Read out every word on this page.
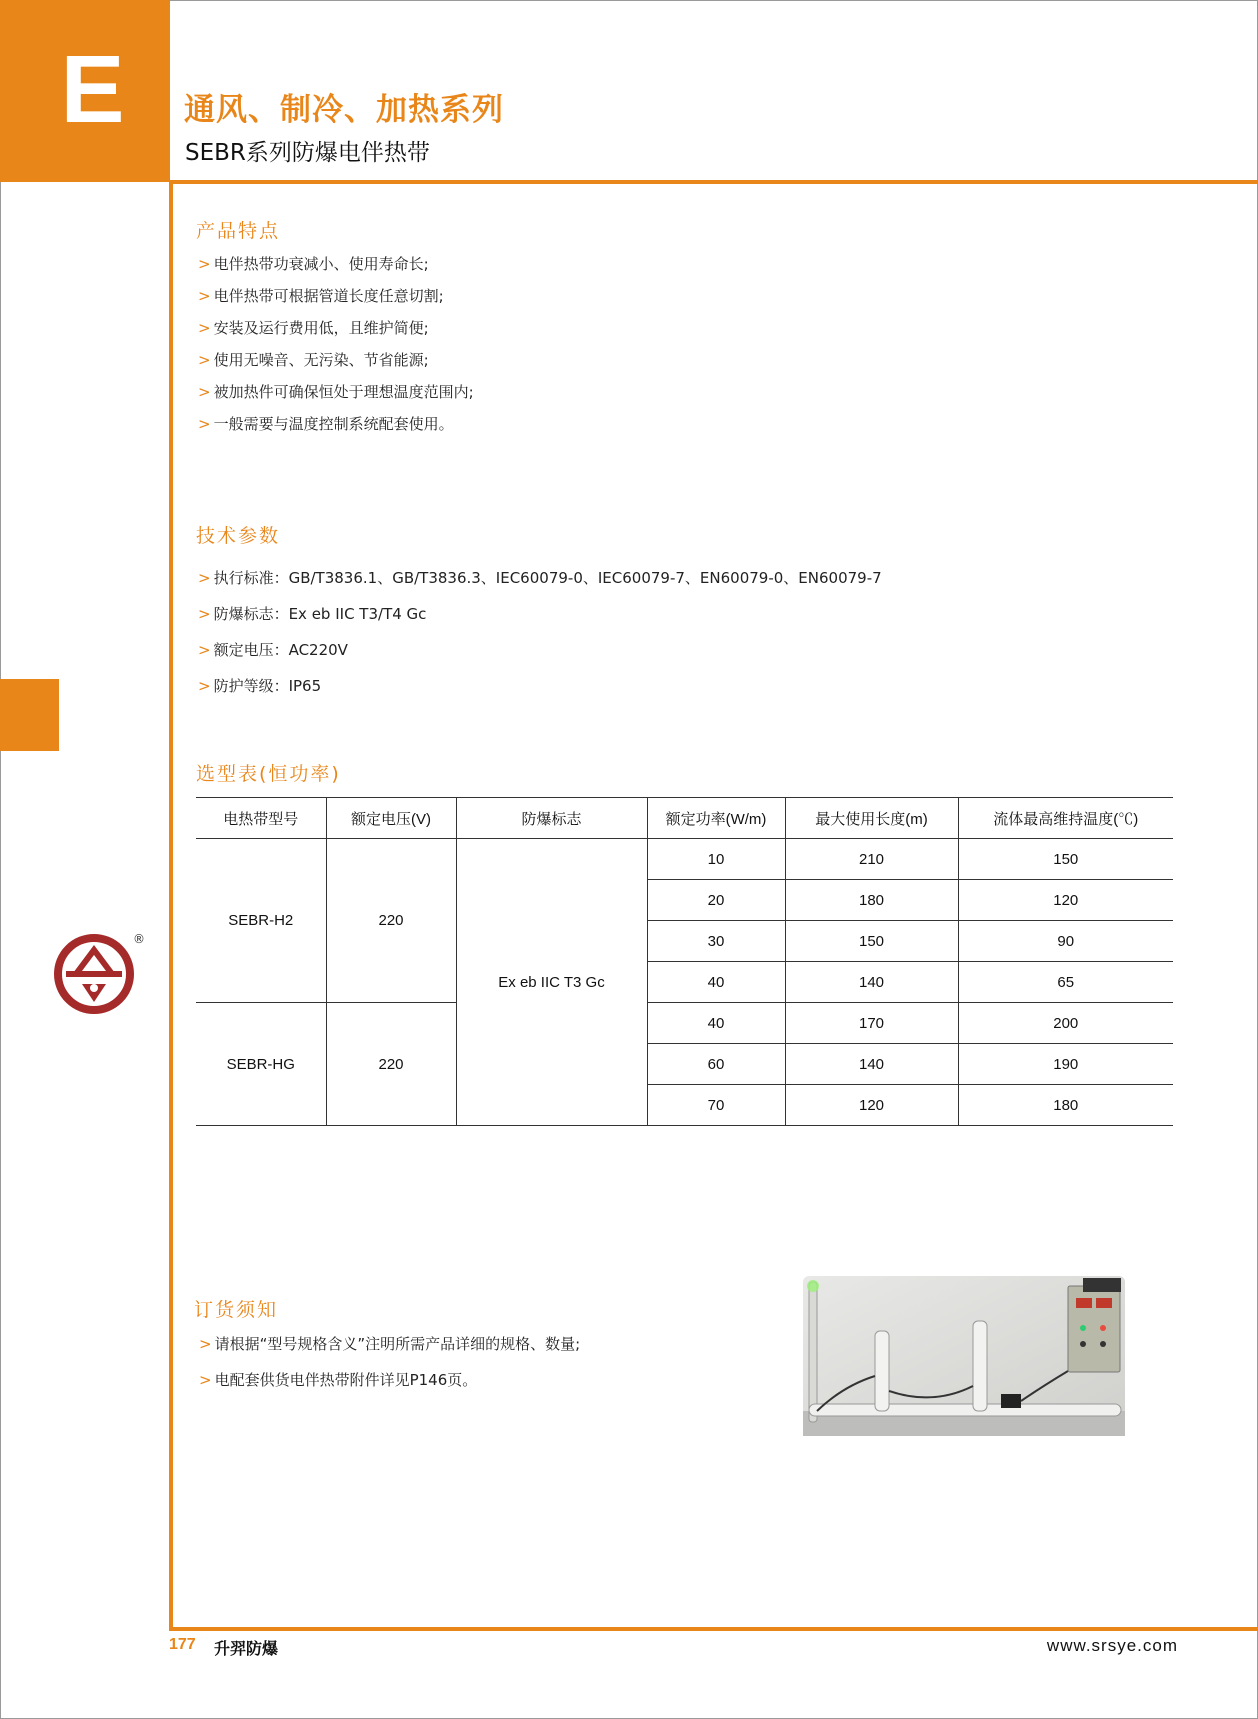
E	通风、制冷、加热系列
SEBR系列防爆电伴热带
产品特点
> 电伴热带功衰减小、使用寿命长;
> 电伴热带可根据管道长度任意切割;
> 安装及运行费用低，且维护简便;
> 使用无噪音、无污染、节省能源;
> 被加热件可确保恒处于理想温度范围内;
> 一般需要与温度控制系统配套使用。
技术参数
> 执行标准：GB/T3836.1、GB/T3836.3、IEC60079-0、IEC60079-7、EN60079-0、EN60079-7
> 防爆标志：Ex eb IIC T3/T4 Gc
> 额定电压：AC220V
> 防护等级：IP65
选型表(恒功率)
电热带型号	额定电压(V)	防爆标志	额定功率(W/m)	最大使用长度(m)	流体最高维持温度(℃)
SEBR-H2	220	Ex eb IIC T3 Gc	10	210	150
			20	180	120
			30	150	90
			40	140	65
SEBR-HG	220		40	170	200
			60	140	190
			70	120	180
®
订货须知
> 请根据“型号规格含义”注明所需产品详细的规格、数量;
> 电配套供货电伴热带附件详见P146页。
177 升羿防爆	www.srsye.com
